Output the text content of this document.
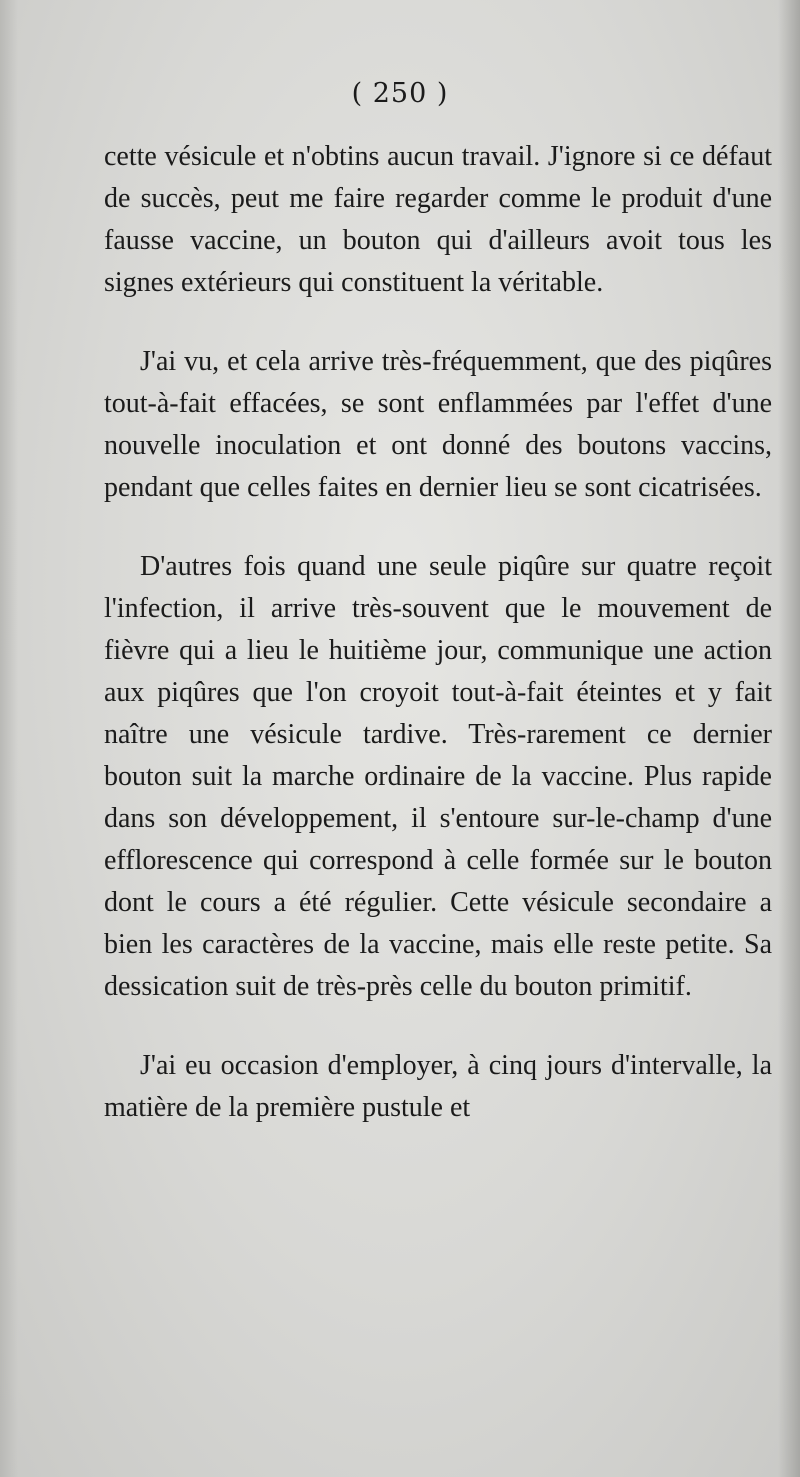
( 250 )

cette vésicule et n'obtins aucun travail. J'ignore si ce défaut de succès, peut me faire regarder comme le produit d'une fausse vaccine, un bouton qui d'ailleurs avoit tous les signes extérieurs qui constituent la véritable.

J'ai vu, et cela arrive très-fréquemment, que des piqûres tout-à-fait effacées, se sont enflammées par l'effet d'une nouvelle inoculation et ont donné des boutons vaccins, pendant que celles faites en dernier lieu se sont cicatrisées.

D'autres fois quand une seule piqûre sur quatre reçoit l'infection, il arrive très-souvent que le mouvement de fièvre qui a lieu le huitième jour, communique une action aux piqûres que l'on croyoit tout-à-fait éteintes et y fait naître une vésicule tardive. Très-rarement ce dernier bouton suit la marche ordinaire de la vaccine. Plus rapide dans son développement, il s'entoure sur-le-champ d'une efflorescence qui correspond à celle formée sur le bouton dont le cours a été régulier. Cette vésicule secondaire a bien les caractères de la vaccine, mais elle reste petite. Sa dessication suit de très-près celle du bouton primitif.

J'ai eu occasion d'employer, à cinq jours d'intervalle, la matière de la première pustule et
